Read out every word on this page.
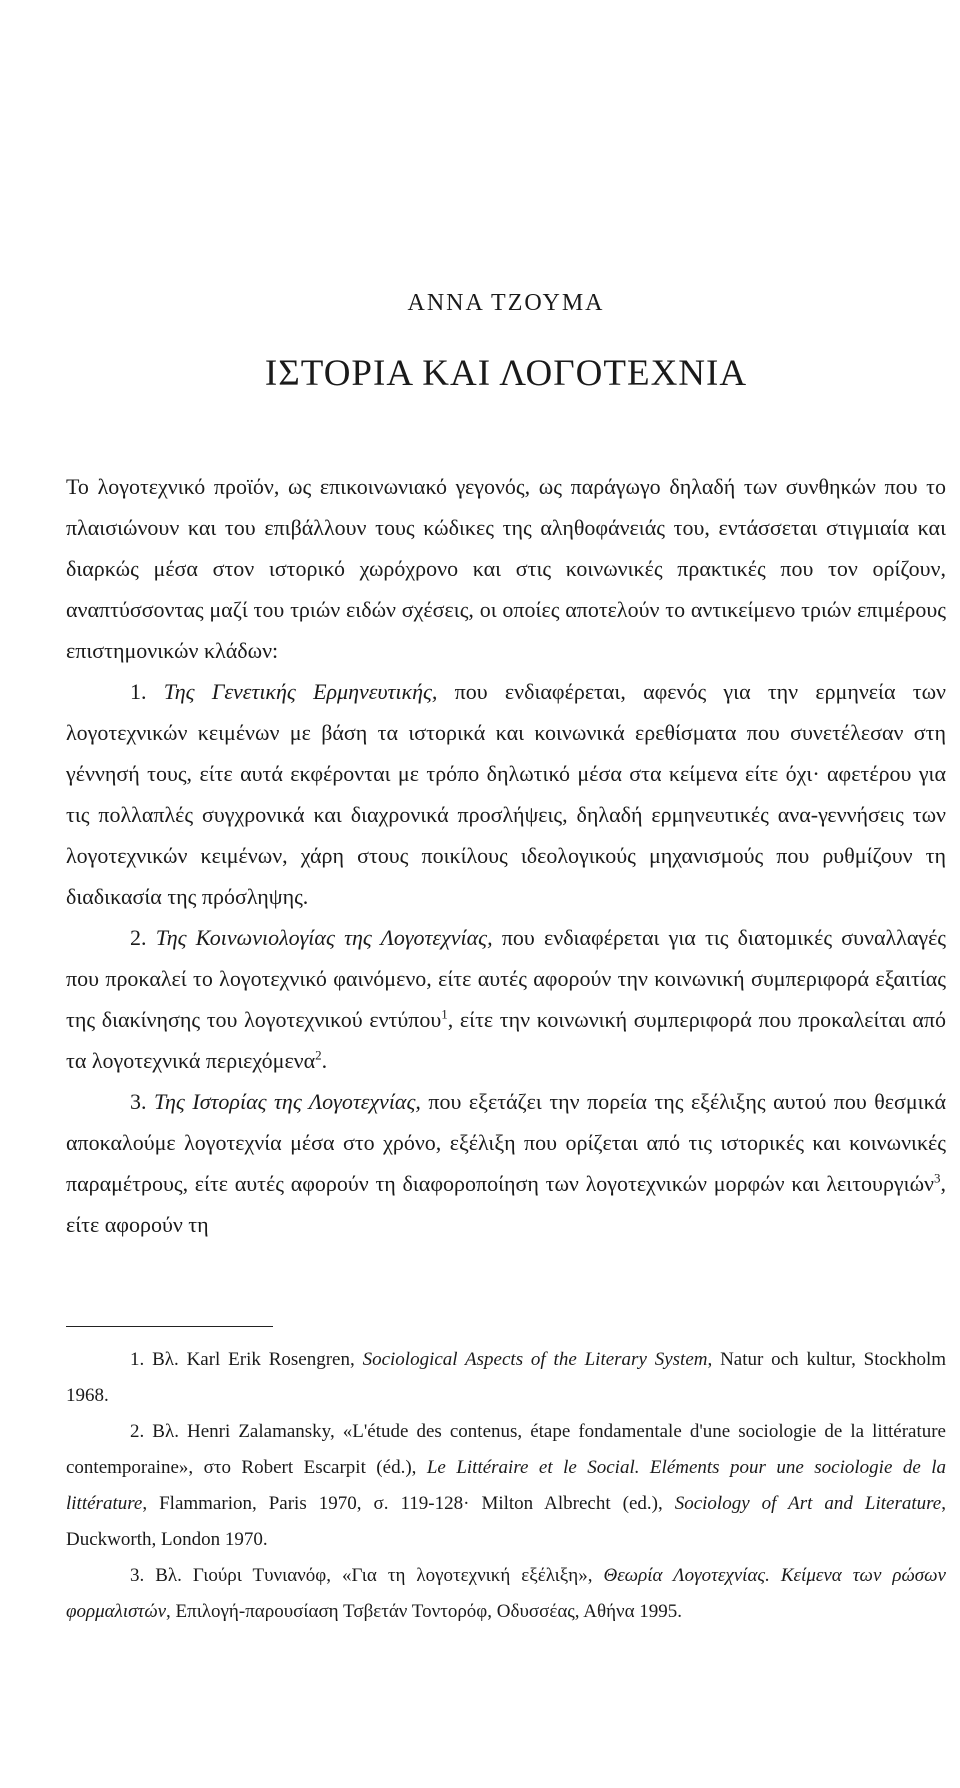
ΑΝΝΑ ΤΖΟΥΜΑ
ΙΣΤΟΡΙΑ ΚΑΙ ΛΟΓΟΤΕΧΝΙΑ

Το λογοτεχνικό προϊόν, ως επικοινωνιακό γεγονός, ως παράγωγο δηλαδή των συνθηκών που το πλαισιώνουν και του επιβάλλουν τους κώδικες της αληθοφάνειάς του, εντάσσεται στιγμιαία και διαρκώς μέσα στον ιστορικό χωρόχρονο και στις κοινωνικές πρακτικές που τον ορίζουν, αναπτύσσοντας μαζί του τριών ειδών σχέσεις, οι οποίες αποτελούν το αντικείμενο τριών επιμέρους επιστημονικών κλάδων:

1. Της Γενετικής Ερμηνευτικής, που ενδιαφέρεται, αφενός για την ερμηνεία των λογοτεχνικών κειμένων με βάση τα ιστορικά και κοινωνικά ερεθίσματα που συνετέλεσαν στη γέννησή τους, είτε αυτά εκφέρονται με τρόπο δηλωτικό μέσα στα κείμενα είτε όχι· αφετέρου για τις πολλαπλές συγχρονικά και διαχρονικά προσλήψεις, δηλαδή ερμηνευτικές ανα-γεννήσεις των λογοτεχνικών κειμένων, χάρη στους ποικίλους ιδεολογικούς μηχανισμούς που ρυθμίζουν τη διαδικασία της πρόσληψης.

2. Της Κοινωνιολογίας της Λογοτεχνίας, που ενδιαφέρεται για τις διατομικές συναλλαγές που προκαλεί το λογοτεχνικό φαινόμενο, είτε αυτές αφορούν την κοινωνική συμπεριφορά εξαιτίας της διακίνησης του λογοτεχνικού εντύπου$^1$, είτε την κοινωνική συμπεριφορά που προκαλείται από τα λογοτεχνικά περιεχόμενα$^2$.

3. Της Ιστορίας της Λογοτεχνίας, που εξετάζει την πορεία της εξέλιξης αυτού που θεσμικά αποκαλούμε λογοτεχνία μέσα στο χρόνο, εξέλιξη που ορίζεται από τις ιστορικές και κοινωνικές παραμέτρους, είτε αυτές αφορούν τη διαφοροποίηση των λογοτεχνικών μορφών και λειτουργιών$^3$, είτε αφορούν τη

1. Βλ. Karl Erik Rosengren, Sociological Aspects of the Literary System, Natur och kultur, Stockholm 1968.

2. Βλ. Henri Zalamansky, «L'étude des contenus, étape fondamentale d'une sociologie de la littérature contemporaine», στο Robert Escarpit (éd.), Le Littéraire et le Social. Eléments pour une sociologie de la littérature, Flammarion, Paris 1970, σ. 119-128· Milton Albrecht (ed.), Sociology of Art and Literature, Duckworth, London 1970.

3. Βλ. Γιούρι Τυνιανόφ, «Για τη λογοτεχνική εξέλιξη», Θεωρία Λογοτεχνίας. Κείμενα των ρώσων φορμαλιστών, Επιλογή-παρουσίαση Τσβετάν Τοντορόφ, Οδυσσέας, Αθήνα 1995.
